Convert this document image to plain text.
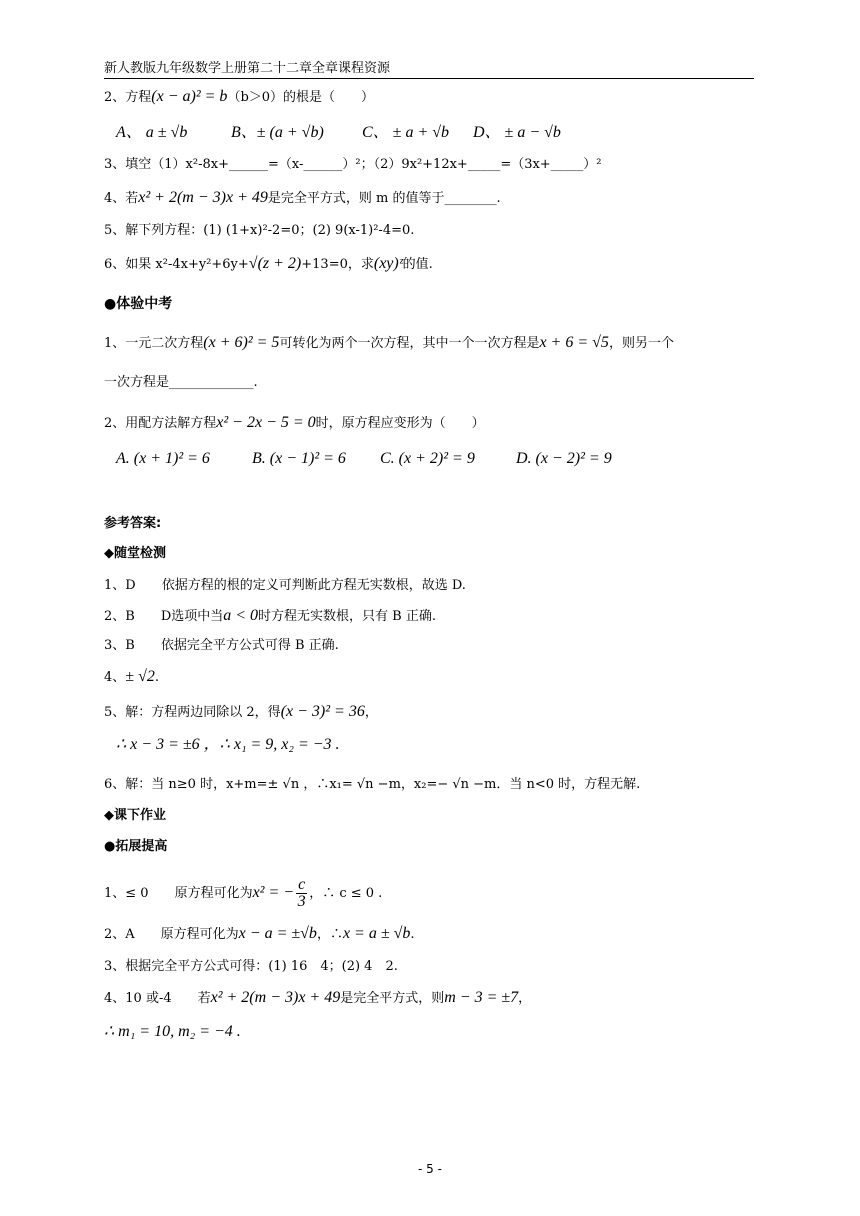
新人教版九年级数学上册第二十二章全章课程资源
2、方程(x − a)² = b（b＞0）的根是（　　）
A、 a ± √b	B、± (a + √b) C、 ± a + √b D、 ± a − √b
3、填空（1）x²-8x+______=（x-______）²；（2）9x²+12x+_____=（3x+_____）²
4、若x² + 2(m − 3)x + 49是完全平方式，则 m 的值等于________.
5、解下列方程：(1) (1+x)²-2=0；(2) 9(x-1)²-4=0.
6、如果 x²-4x+y²+6y+√(z + 2)+13=0，求(xy)ᶻ的值.
●体验中考
1、一元二次方程(x + 6)² = 5可转化为两个一次方程，其中一个一次方程是x + 6 = √5，则另一个
一次方程是_____________.
2、用配方法解方程x² − 2x − 5 = 0时，原方程应变形为（　　）
A. (x + 1)² = 6	B. (x − 1)² = 6 C. (x + 2)² = 9	D. (x − 2)² = 9
参考答案:
◆随堂检测
1、D　　依据方程的根的定义可判断此方程无实数根，故选 D.
2、B　　D选项中当a < 0时方程无实数根，只有 B 正确.
3、B　　依据完全平方公式可得 B 正确.
4、± √2.
5、解：方程两边同除以 2，得(x − 3)² = 36，
∴ x − 3 = ±6 ，∴ x₁ = 9, x₂ = −3 .
6、解：当 n≥0 时，x+m=± √n ，∴x₁= √n −m，x₂=− √n −m．当 n<0 时，方程无解.
◆课下作业
●拓展提高
1、≤ 0　　原方程可化为x² = − $\frac{c}{3}$ ，∴ c ≤ 0 .
2、A　　原方程可化为x − a = ±√b，∴x = a ± √b.
3、根据完全平方公式可得：(1) 16　4；(2) 4　2.
4、10 或-4　　若x² + 2(m − 3)x + 49是完全平方式，则m − 3 = ±7，
∴ m₁ = 10, m₂ = −4 .
- 5 -
